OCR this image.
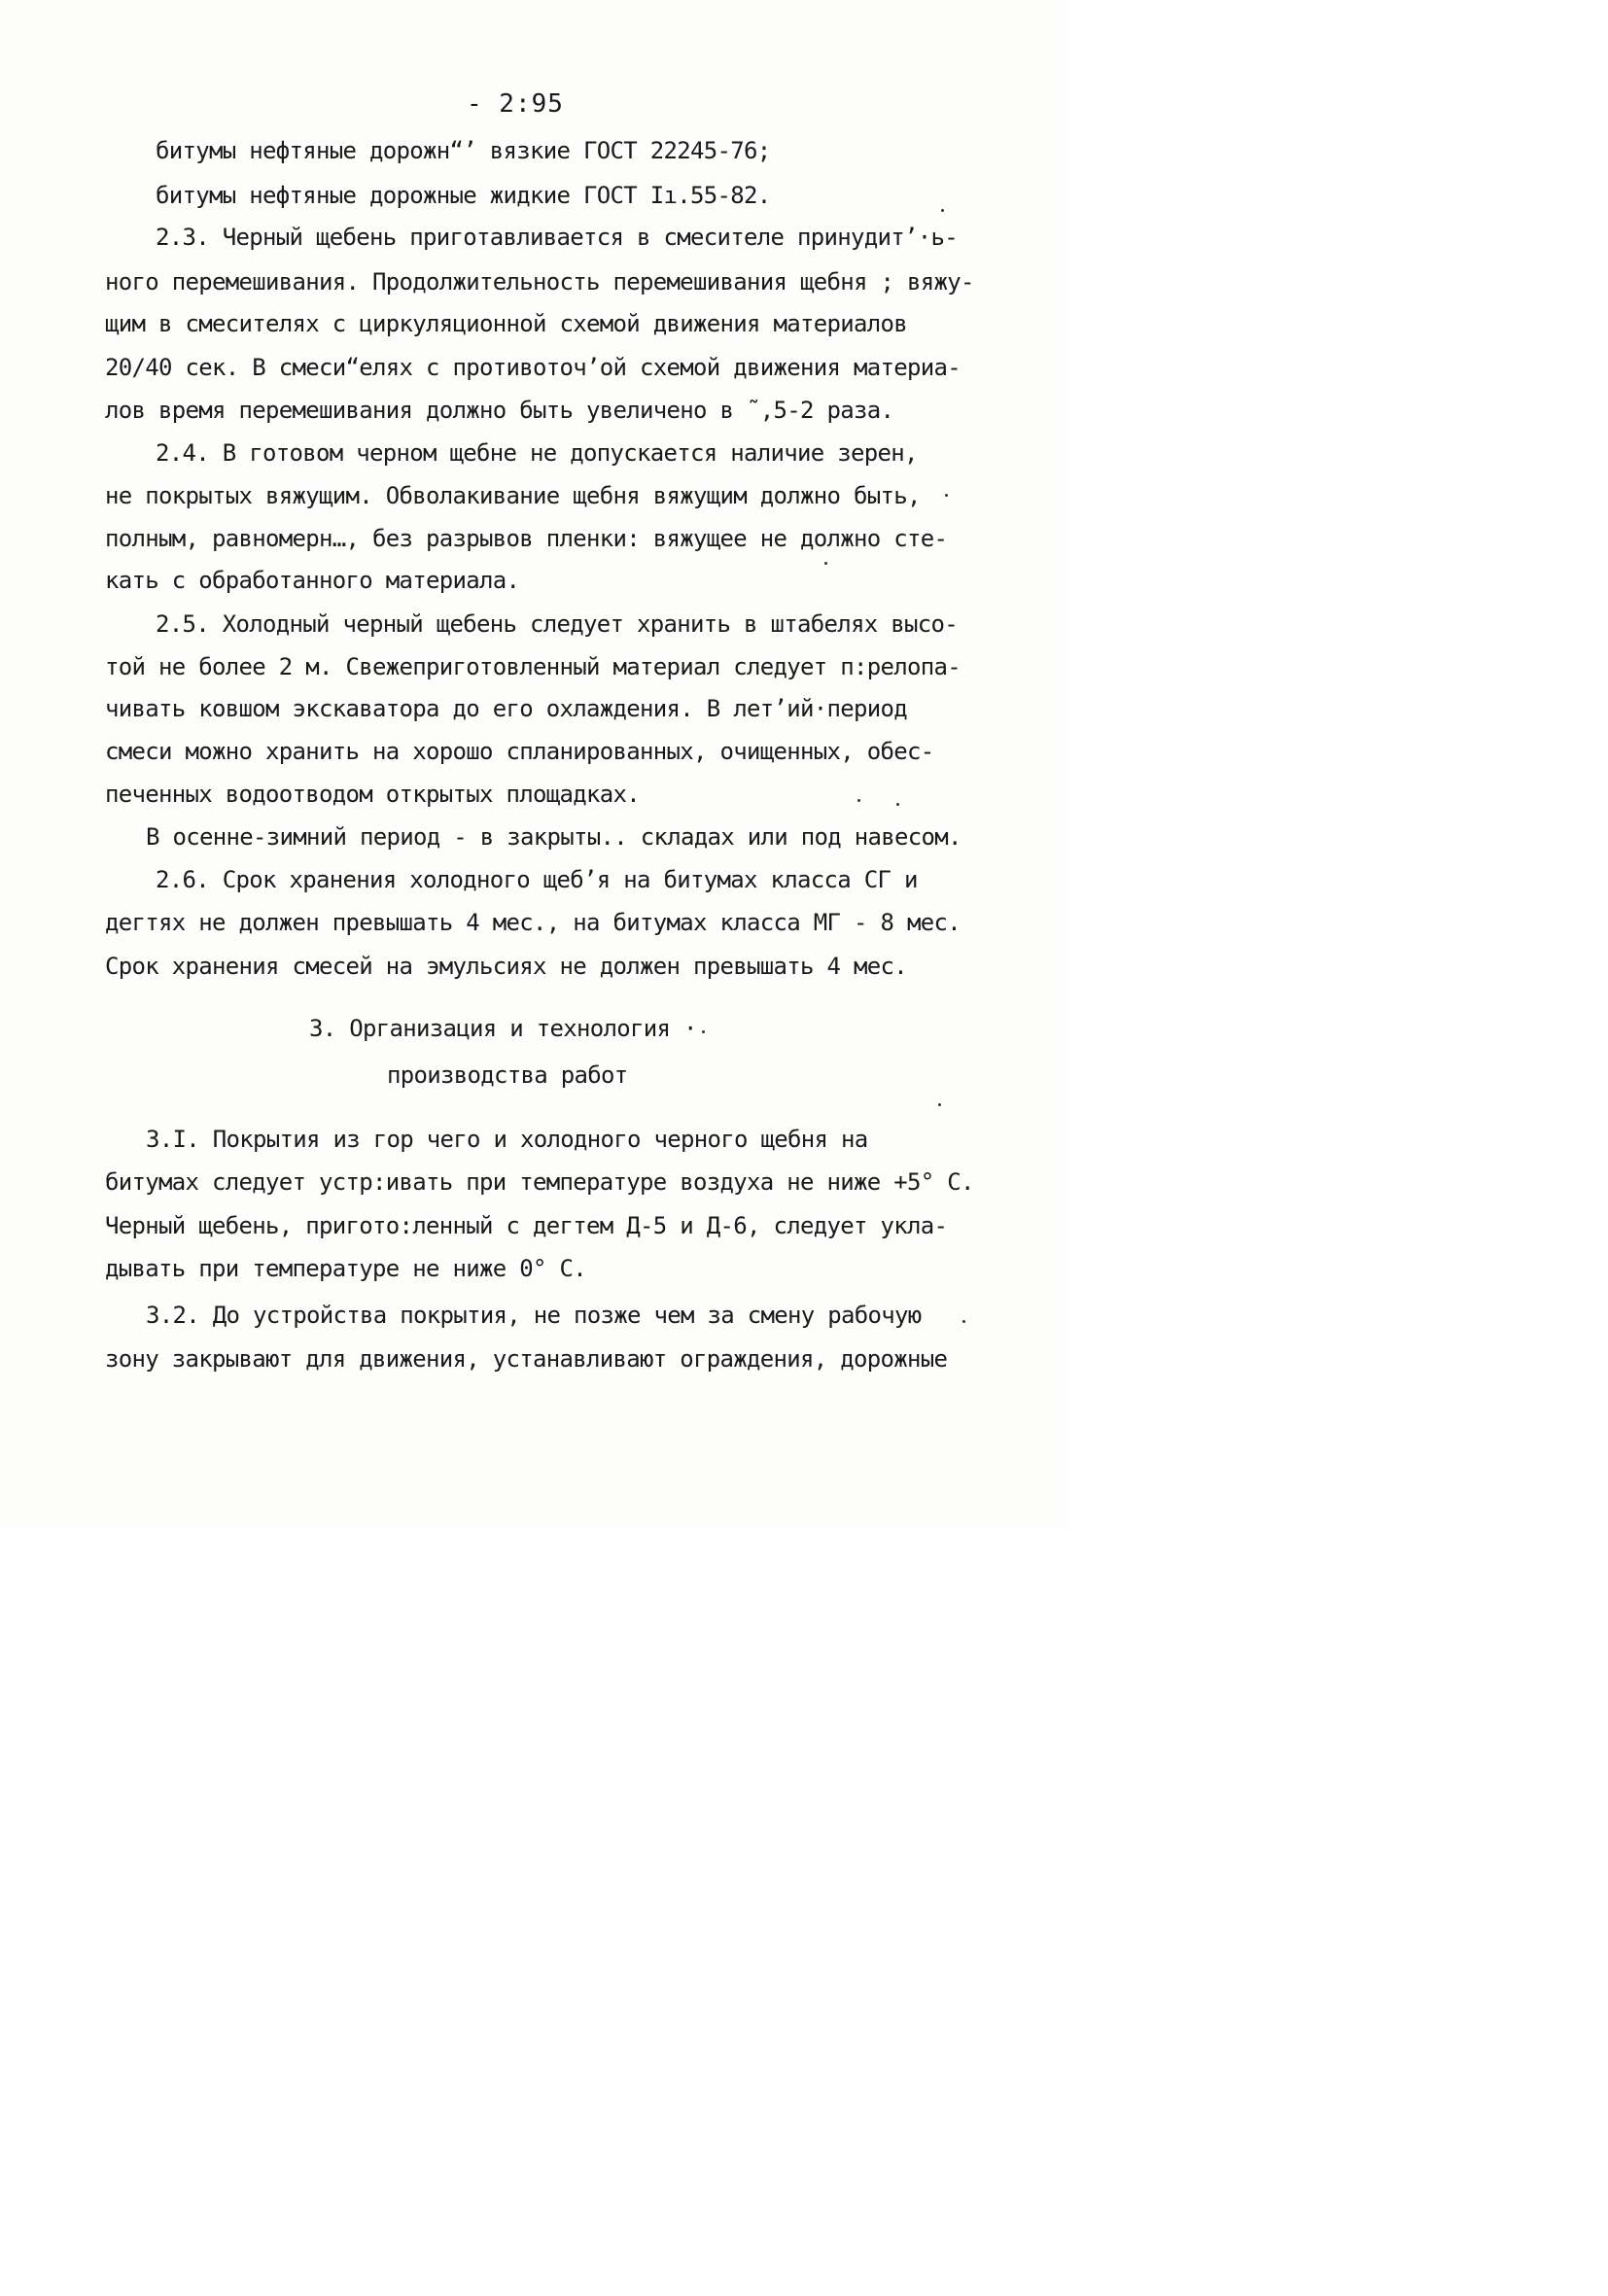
- 2:95
битумы нефтяные дорожн“’ вязкие ГОСТ 22245-76;
битумы нефтяные дорожные жидкие ГОСТ Iı.55-82.
2.3. Черный щебень приготавливается в смесителе принудит’·ь-
ного перемешивания. Продолжительность перемешивания щебня ; вяжу-
щим в смесителях с циркуляционной схемой движения материалов
20/40 сек. В смеси“елях с противоточ’ой схемой движения материа-
лов время перемешивания должно быть увеличено в ˜,5-2 раза.
2.4. В готовом черном щебне не допускается наличие зерен,
не покрытых вяжущим. Обволакивание щебня вяжущим должно быть,
полным, равномерн…, без разрывов пленки: вяжущее не должно сте-
кать с обработанного материала.
2.5. Холодный черный щебень следует хранить в штабелях высо-
той не более 2 м. Свежеприготовленный материал следует п:релопа-
чивать ковшом экскаватора до его охлаждения. В лет’ий·период
смеси можно хранить на хорошо спланированных, очищенных, обес-
печенных водоотводом открытых площадках.
В осенне-зимний период - в закрыты.. складах или под навесом.
2.6. Срок хранения холодного щеб’я на битумах класса СГ и
дегтях не должен превышать 4 мес., на битумах класса МГ - 8 мес.
Срок хранения смесей на эмульсиях не должен превышать 4 мес.
3. Организация и технология ·
производства работ
3.I. Покрытия из гор чего и холодного черного щебня на
битумах следует устр:ивать при температуре воздуха не ниже +5° С.
Черный щебень, пригото:ленный с дегтем Д-5 и Д-6, следует укла-
дывать при температуре не ниже 0° С.
3.2. До устройства покрытия, не позже чем за смену рабочую
зону закрывают для движения, устанавливают ограждения, дорожные
